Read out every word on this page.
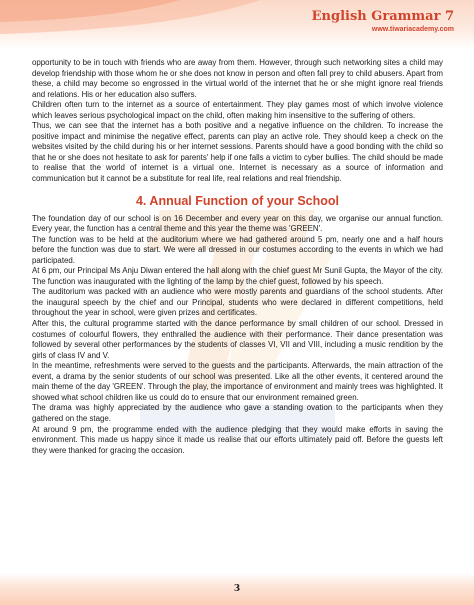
English Grammar 7
www.tiwariacademy.com

opportunity to be in touch with friends who are away from them. However, through such networking sites a child may develop friendship with those whom he or she does not know in person and often fall prey to child abusers. Apart from these, a child may become so engrossed in the virtual world of the internet that he or she might ignore real friends and relations. His or her education also suffers.

Children often turn to the internet as a source of entertainment. They play games most of which involve violence which leaves serious psychological impact on the child, often making him insensitive to the suffering of others.

Thus, we can see that the internet has a both positive and a negative influence on the children. To increase the positive impact and minimise the negative effect, parents can play an active role. They should keep a check on the websites visited by the child during his or her internet sessions. Parents should have a good bonding with the child so that he or she does not hesitate to ask for parents' help if one falls a victim to cyber bullies. The child should be made to realise that the world of internet is a virtual one. Internet is necessary as a source of information and communication but it cannot be a substitute for real life, real relations and real friendship.

4. Annual Function of your School

The foundation day of our school is on 16 December and every year on this day, we organise our annual function. Every year, the function has a central theme and this year the theme was 'GREEN'.

The function was to be held at the auditorium where we had gathered around 5 pm, nearly one and a half hours before the function was due to start. We were all dressed in our costumes according to the events in which we had participated.

At 6 pm, our Principal Ms Anju Diwan entered the hall along with the chief guest Mr Sunil Gupta, the Mayor of the city. The function was inaugurated with the lighting of the lamp by the chief guest, followed by his speech.

The auditorium was packed with an audience who were mostly parents and guardians of the school students. After the inaugural speech by the chief and our Principal, students who were declared in different competitions, held throughout the year in school, were given prizes and certificates.

After this, the cultural programme started with the dance performance by small children of our school. Dressed in costumes of colourful flowers, they enthralled the audience with their performance. Their dance presentation was followed by several other performances by the students of classes VI, VII and VIII, including a music rendition by the girls of class IV and V.

In the meantime, refreshments were served to the guests and the participants. Afterwards, the main attraction of the event, a drama by the senior students of our school was presented. Like all the other events, it centered around the main theme of the day 'GREEN'. Through the play, the importance of environment and mainly trees was highlighted. It showed what school children like us could do to ensure that our environment remained green.

The drama was highly appreciated by the audience who gave a standing ovation to the participants when they gathered on the stage.

At around 9 pm, the programme ended with the audience pledging that they would make efforts in saving the environment. This made us happy since it made us realise that our efforts ultimately paid off. Before the guests left they were thanked for gracing the occasion.

3
